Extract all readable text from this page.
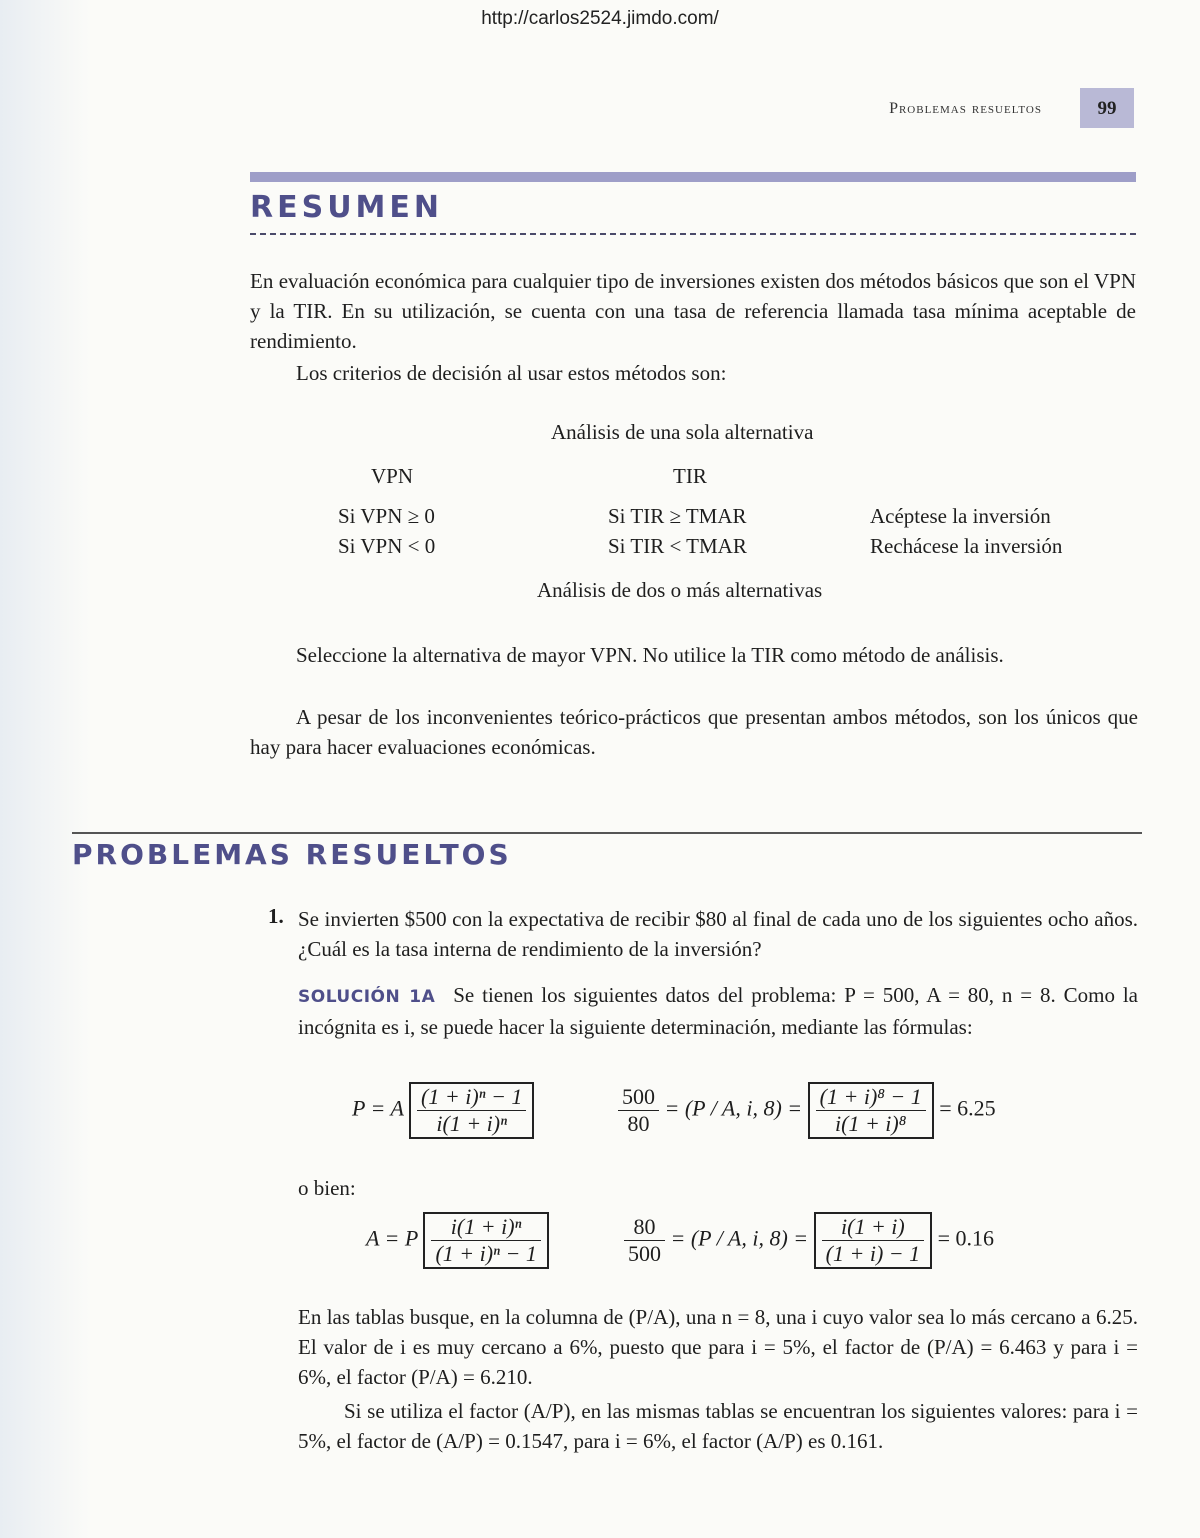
http://carlos2524.jimdo.com/
Problemas resueltos	99
RESUMEN
En evaluación económica para cualquier tipo de inversiones existen dos métodos básicos que son el VPN y la TIR. En su utilización, se cuenta con una tasa de referencia llamada tasa mínima aceptable de rendimiento.
Los criterios de decisión al usar estos métodos son:
Análisis de una sola alternativa
VPN	TIR
Si VPN ≥ 0	Si TIR ≥ TMAR	Acéptese la inversión
Si VPN < 0	Si TIR < TMAR	Rechácese la inversión
Análisis de dos o más alternativas
Seleccione la alternativa de mayor VPN. No utilice la TIR como método de análisis.
A pesar de los inconvenientes teórico-prácticos que presentan ambos métodos, son los únicos que hay para hacer evaluaciones económicas.
PROBLEMAS RESUELTOS
1. Se invierten $500 con la expectativa de recibir $80 al final de cada uno de los siguientes ocho años. ¿Cuál es la tasa interna de rendimiento de la inversión?
SOLUCIÓN 1A Se tienen los siguientes datos del problema: P = 500, A = 80, n = 8. Como la incógnita es i, se puede hacer la siguiente determinación, mediante las fórmulas:
P = A $\frac{\text{(1 + i)ⁿ − 1}}{\text{i(1 + i)ⁿ}}$	$\frac{500}{80} = (P / A$, i, $8) = \frac{\text{(1 + i)⁸ − 1}}{\text{i(1 + i)⁸}} = 6.25$
o bien:
A = P $\frac{\text{i(1 + i)ⁿ}}{\text{(1 + i)ⁿ − 1}}$	$\frac{80}{500} = (P / A$, i, $8) = \frac{i(1 + i)}{(1 + i) - 1} = 0.16$
En las tablas busque, en la columna de (P/A), una n = 8, una i cuyo valor sea lo más cercano a 6.25. El valor de i es muy cercano a 6%, puesto que para i = 5%, el factor de (P/A) = 6.463 y para i = 6%, el factor (P/A) = 6.210.
Si se utiliza el factor (A/P), en las mismas tablas se encuentran los siguientes valores: para i = 5%, el factor de (A/P) = 0.1547, para i = 6%, el factor (A/P) es 0.161.
